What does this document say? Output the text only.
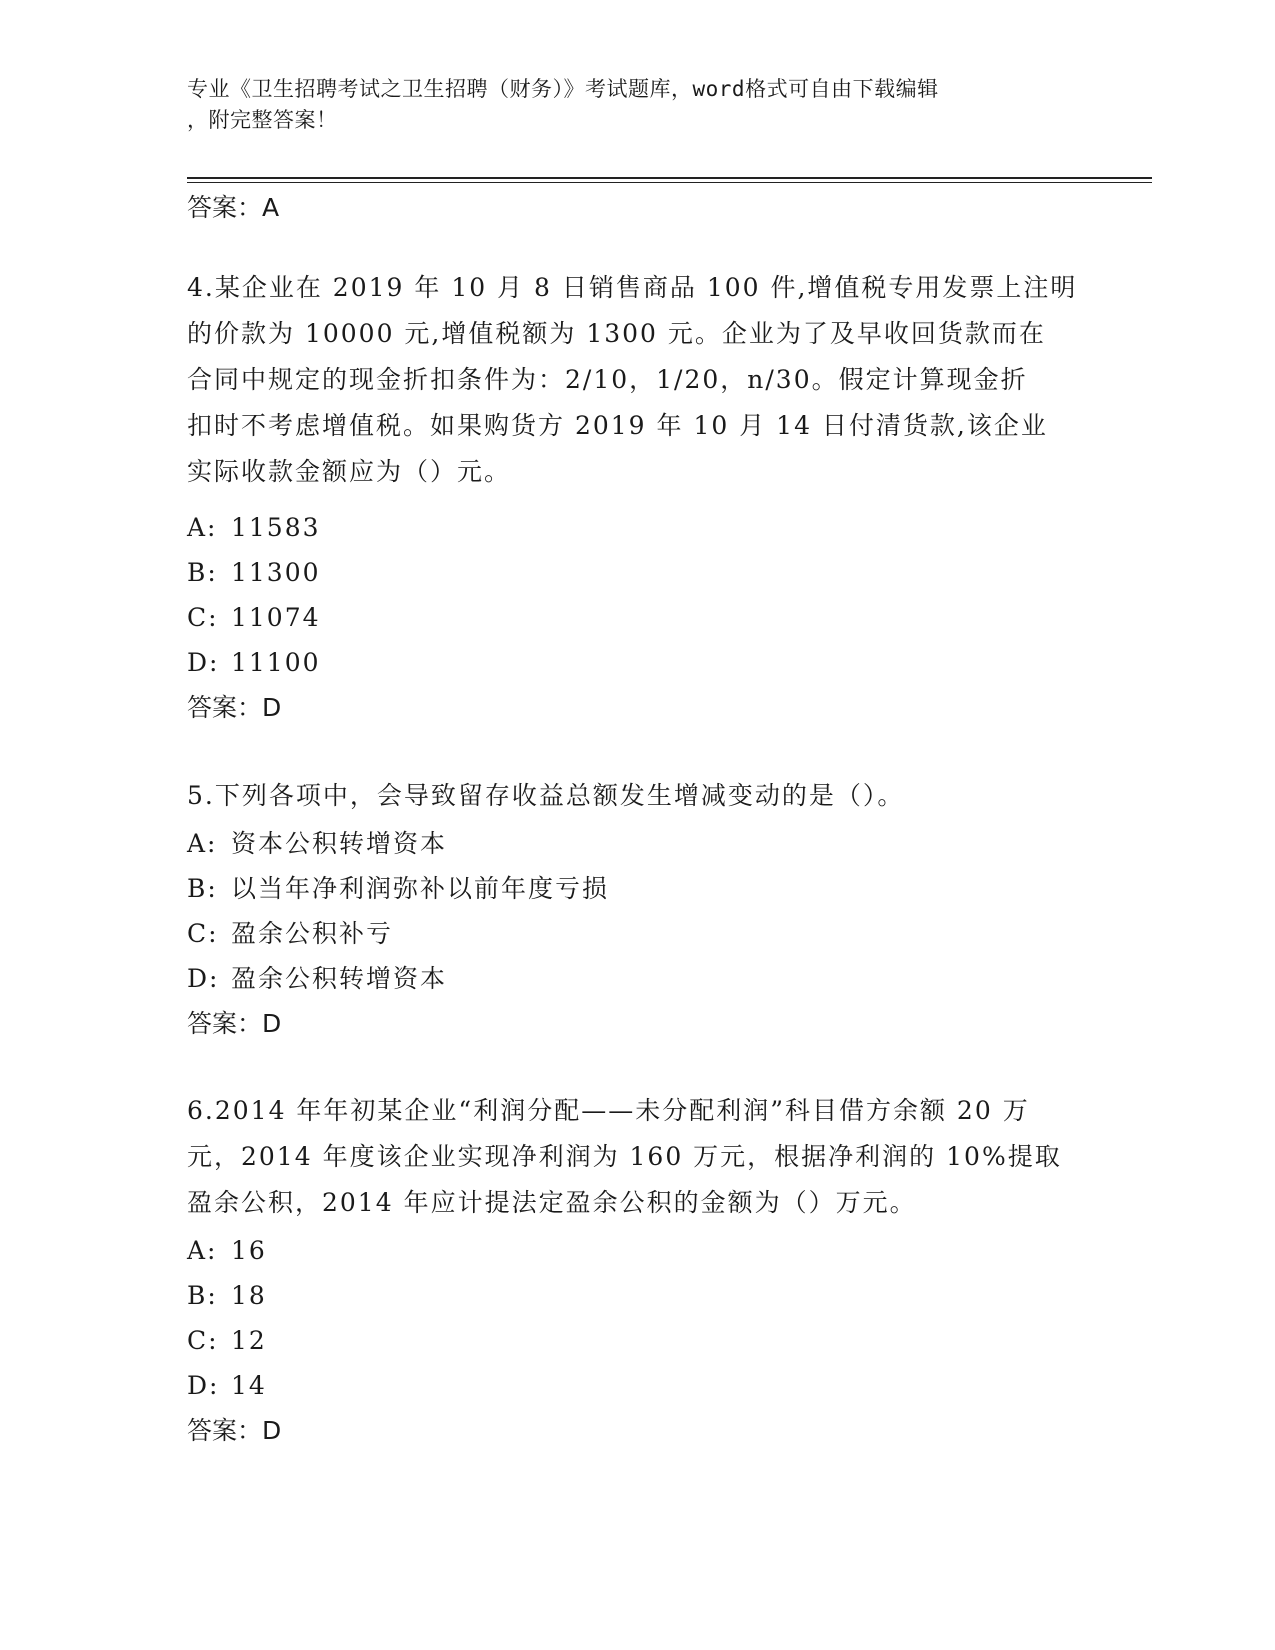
专业《卫生招聘考试之卫生招聘（财务）》考试题库，word格式可自由下载编辑
，附完整答案！
答案：A
4.某企业在 2019 年 10 月 8 日销售商品 100 件,增值税专用发票上注明
的价款为 10000 元,增值税额为 1300 元。企业为了及早收回货款而在
合同中规定的现金折扣条件为：2/10，1/20，n/30。假定计算现金折
扣时不考虑增值税。如果购货方 2019 年 10 月 14 日付清货款,该企业
实际收款金额应为（）元。
A: 11583
B: 11300
C: 11074
D: 11100
答案：D
5.下列各项中，会导致留存收益总额发生增减变动的是（）。
A: 资本公积转增资本
B: 以当年净利润弥补以前年度亏损
C: 盈余公积补亏
D: 盈余公积转增资本
答案：D
6.2014 年年初某企业“利润分配——未分配利润”科目借方余额 20 万
元，2014 年度该企业实现净利润为 160 万元，根据净利润的 10%提取
盈余公积，2014 年应计提法定盈余公积的金额为（）万元。
A: 16
B: 18
C: 12
D: 14
答案：D
